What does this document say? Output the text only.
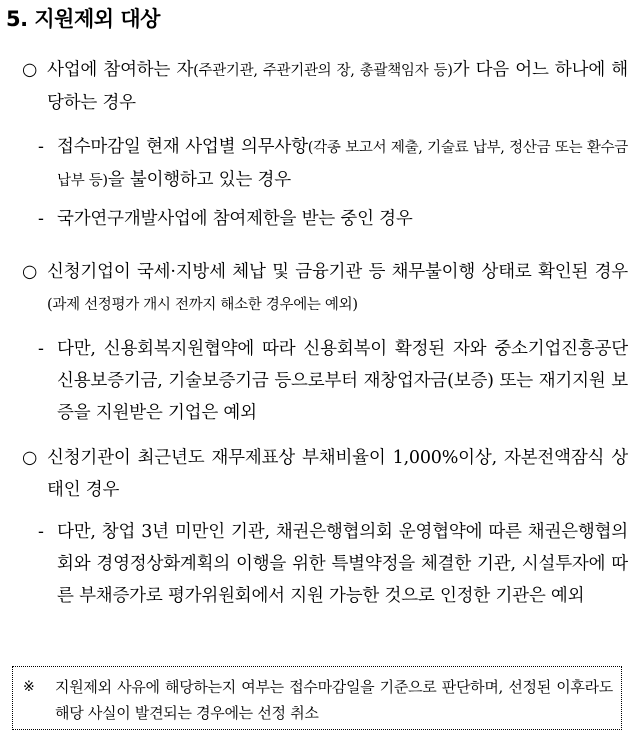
5. 지원제외 대상
○ 사업에 참여하는 자(주관기관, 주관기관의 장, 총괄책임자 등)가 다음 어느 하나에 해당하는 경우
- 접수마감일 현재 사업별 의무사항(각종 보고서 제출, 기술료 납부, 정산금 또는 환수금 납부 등)을 불이행하고 있는 경우
- 국가연구개발사업에 참여제한을 받는 중인 경우
○ 신청기업이 국세·지방세 체납 및 금융기관 등 채무불이행 상태로 확인된 경우(과제 선정평가 개시 전까지 해소한 경우에는 예외)
- 다만, 신용회복지원협약에 따라 신용회복이 확정된 자와 중소기업진흥공단 신용보증기금, 기술보증기금 등으로부터 재창업자금(보증) 또는 재기지원 보증을 지원받은 기업은 예외
○ 신청기관이 최근년도 재무제표상 부채비율이 1,000%이상, 자본전액잠식 상태인 경우
- 다만, 창업 3년 미만인 기관, 채권은행협의회 운영협약에 따른 채권은행협의회와 경영정상화계획의 이행을 위한 특별약정을 체결한 기관, 시설투자에 따른 부채증가로 평가위원회에서 지원 가능한 것으로 인정한 기관은 예외
※ 지원제외 사유에 해당하는지 여부는 접수마감일을 기준으로 판단하며, 선정된 이후라도 해당 사실이 발견되는 경우에는 선정 취소
